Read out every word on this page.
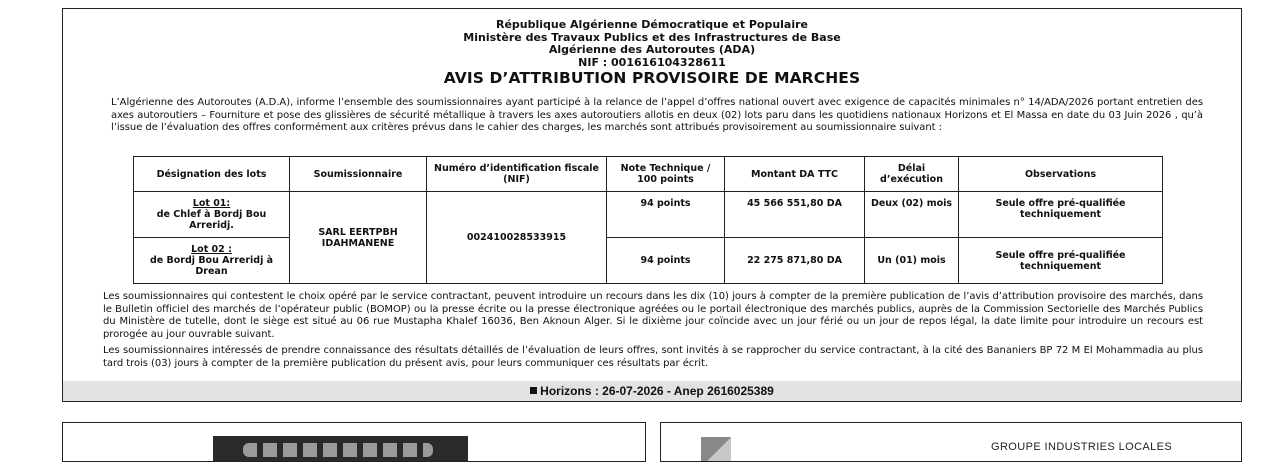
République Algérienne Démocratique et Populaire
Ministère des Travaux Publics et des Infrastructures de Base
Algérienne des Autoroutes (ADA)
NIF : 001616104328611
AVIS D’ATTRIBUTION PROVISOIRE DE MARCHES

L’Algérienne des Autoroutes (A.D.A), informe l’ensemble des soumissionnaires ayant participé à la relance de l’appel d’offres national ouvert avec exigence de capacités minimales n° 14/ADA/2026 portant entretien des axes autoroutiers – Fourniture et pose des glissières de sécurité métallique à travers les axes autoroutiers allotis en deux (02) lots paru dans les quotidiens nationaux Horizons et El Massa en date du 03 Juin 2026 , qu’à l’issue de l’évaluation des offres conformément aux critères prévus dans le cahier des charges, les marchés sont attribués provisoirement au soumissionnaire suivant :

Désignation des lots	Soumissionnaire	Numéro d’identification fiscale (NIF)	Note Technique / 100 points	Montant DA TTC	Délai d’exécution	Observations

Lot 01:
de Chlef à Bordj Bou Arreridj.	SARL EERTPBH IDAHMANENE	002410028533915	94 points	45 566 551,80 DA	Deux (02) mois	Seule offre pré-qualifiée techniquement

Lot 02 :
de Bordj Bou Arreridj à Drean			94 points	22 275 871,80 DA	Un (01) mois	Seule offre pré-qualifiée techniquement

Les soumissionnaires qui contestent le choix opéré par le service contractant, peuvent introduire un recours dans les dix (10) jours à compter de la première publication de l’avis d’attribution provisoire des marchés, dans le Bulletin officiel des marchés de l’opérateur public (BOMOP) ou la presse écrite ou la presse électronique agréées ou le portail électronique des marchés publics, auprès de la Commission Sectorielle des Marchés Publics du Ministère de tutelle, dont le siège est situé au 06 rue Mustapha Khalef 16036, Ben Aknoun Alger. Si le dixième jour coïncide avec un jour férié ou un jour de repos légal, la date limite pour introduire un recours est prorogée au jour ouvrable suivant.

Les soumissionnaires intéressés de prendre connaissance des résultats détaillés de l’évaluation de leurs offres, sont invités à se rapprocher du service contractant, à la cité des Bananiers BP 72 M El Mohammadia au plus tard trois (03) jours à compter de la première publication du présent avis, pour leurs communiquer ces résultats par écrit.

Horizons : 26-07-2026 - Anep 2616025389
GROUPE INDUSTRIES LOCALES
